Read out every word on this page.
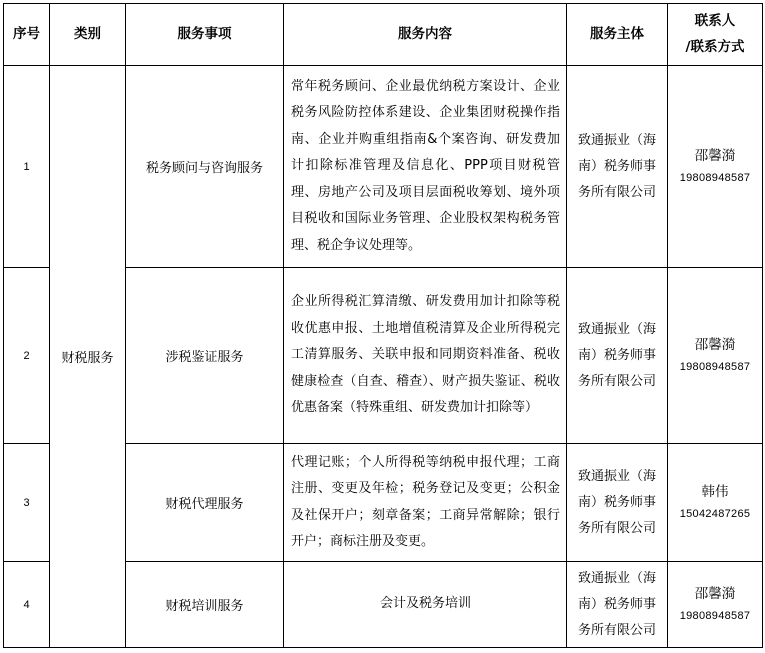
序号	类别	服务事项	服务内容	服务主体	联系人
/联系方式
1	财税服务	税务顾问与咨询服务	常年税务顾问、企业最优纳税方案设计、企业税务风险防控体系建设、企业集团财税操作指南、企业并购重组指南&个案咨询、研发费加计扣除标准管理及信息化、PPP项目财税管理、房地产公司及项目层面税收筹划、境外项目税收和国际业务管理、企业股权架构税务管理、税企争议处理等。	致通振业（海南）税务师事务所有限公司	邵馨漪
19808948587

2		涉税鉴证服务	企业所得税汇算清缴、研发费用加计扣除等税收优惠申报、土地增值税清算及企业所得税完工清算服务、关联申报和同期资料准备、税收健康检查（自查、稽查）、财产损失鉴证、税收优惠备案（特殊重组、研发费加计扣除等）	致通振业（海南）税务师事务所有限公司	邵馨漪
19808948587

3		财税代理服务	代理记账；个人所得税等纳税申报代理；工商注册、变更及年检；税务登记及变更；公积金及社保开户；刻章备案；工商异常解除；银行开户；商标注册及变更。	致通振业（海南）税务师事务所有限公司	韩伟
15042487265

4		财税培训服务	会计及税务培训	致通振业（海南）税务师事务所有限公司	邵馨漪
19808948587
